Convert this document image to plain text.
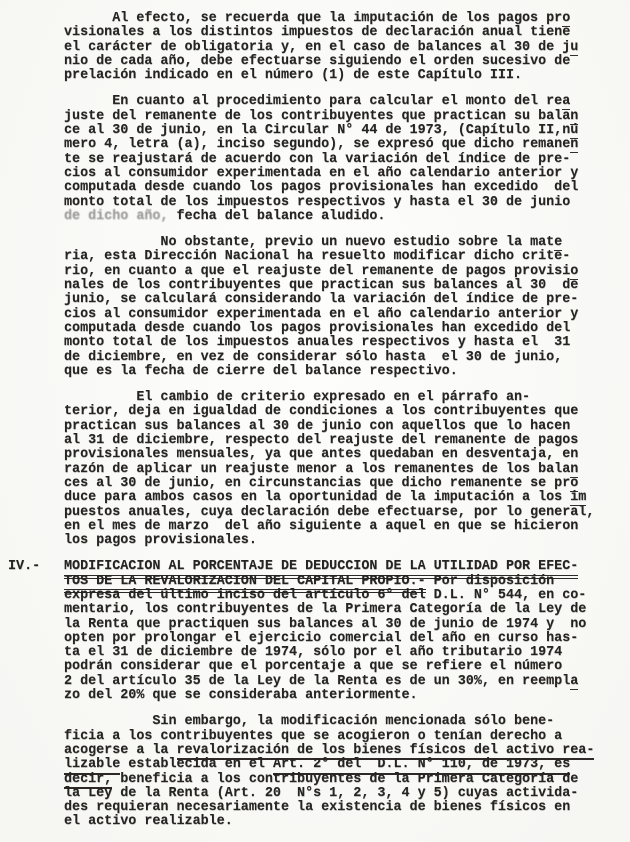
Al efecto, se recuerda que la imputación de los pagos pro
visionales a los distintos impuestos de declaración anual tiene
el carácter de obligatoria y, en el caso de balances al 30 de ju
nio de cada año, debe efectuarse siguiendo el orden sucesivo de
prelación indicado en el número (1) de este Capítulo III.
En cuanto al procedimiento para calcular el monto del rea
juste del remanente de los contribuyentes que practican su balan
ce al 30 de junio, en la Circular N° 44 de 1973, (Capítulo II,nú
mero 4, letra (a), inciso segundo), se expresó que dicho remanen
te se reajustará de acuerdo con la variación del índice de pre-
cios al consumidor experimentada en el año calendario anterior y
computada desde cuando los pagos provisionales han excedido  del
monto total de los impuestos respectivos y hasta el 30 de junio
de dicho año, fecha del balance aludido.
No obstante, previo un nuevo estudio sobre la mate
ria, esta Dirección Nacional ha resuelto modificar dicho crite-
rio, en cuanto a que el reajuste del remanente de pagos provisio
nales de los contribuyentes que practican sus balances al 30  de
junio, se calculará considerando la variación del índice de pre-
cios al consumidor experimentada en el año calendario anterior y
computada desde cuando los pagos provisionales han excedido del
monto total de los impuestos anuales respectivos y hasta el  31
de diciembre, en vez de considerar sólo hasta  el 30 de junio,
que es la fecha de cierre del balance respectivo.
El cambio de criterio expresado en el párrafo an-
terior, deja en igualdad de condiciones a los contribuyentes que
practican sus balances al 30 de junio con aquellos que lo hacen
al 31 de diciembre, respecto del reajuste del remanente de pagos
provisionales mensuales, ya que antes quedaban en desventaja, en
razón de aplicar un reajuste menor a los remanentes de los balan
ces al 30 de junio, en circunstancias que dicho remanente se pro
duce para ambos casos en la oportunidad de la imputación a los im
puestos anuales, cuya declaración debe efectuarse, por lo general,
en el mes de marzo  del año siguiente a aquel en que se hicieron
los pagos provisionales.
IV.- MODIFICACION AL PORCENTAJE DE DEDUCCION DE LA UTILIDAD POR EFEC-
TOS DE LA REVALORIZACION DEL CAPITAL PROPIO.- Por disposición
expresa del último inciso del artículo 6° del D.L. N° 544, en co-
mentario, los contribuyentes de la Primera Categoría de la Ley de
la Renta que practiquen sus balances al 30 de junio de 1974 y  no
opten por prolongar el ejercicio comercial del año en curso has-
ta el 31 de diciembre de 1974, sólo por el año tributario 1974
podrán considerar que el porcentaje a que se refiere el número
2 del artículo 35 de la Ley de la Renta es de un 30%, en reempla
zo del 20% que se consideraba anteriormente.
Sin embargo, la modificación mencionada sólo bene-
ficia a los contribuyentes que se acogieron o tenían derecho a
acogerse a la revalorización de los bienes físicos del activo rea-
lizable establecida en el Art. 2° del  D.L. N° 110, de 1973, es
decir, beneficia a los contribuyentes de la Primera Categoría de
la Ley de la Renta (Art. 20  N°s 1, 2, 3, 4 y 5) cuyas activida-
des requieran necesariamente la existencia de bienes físicos en
el activo realizable.
